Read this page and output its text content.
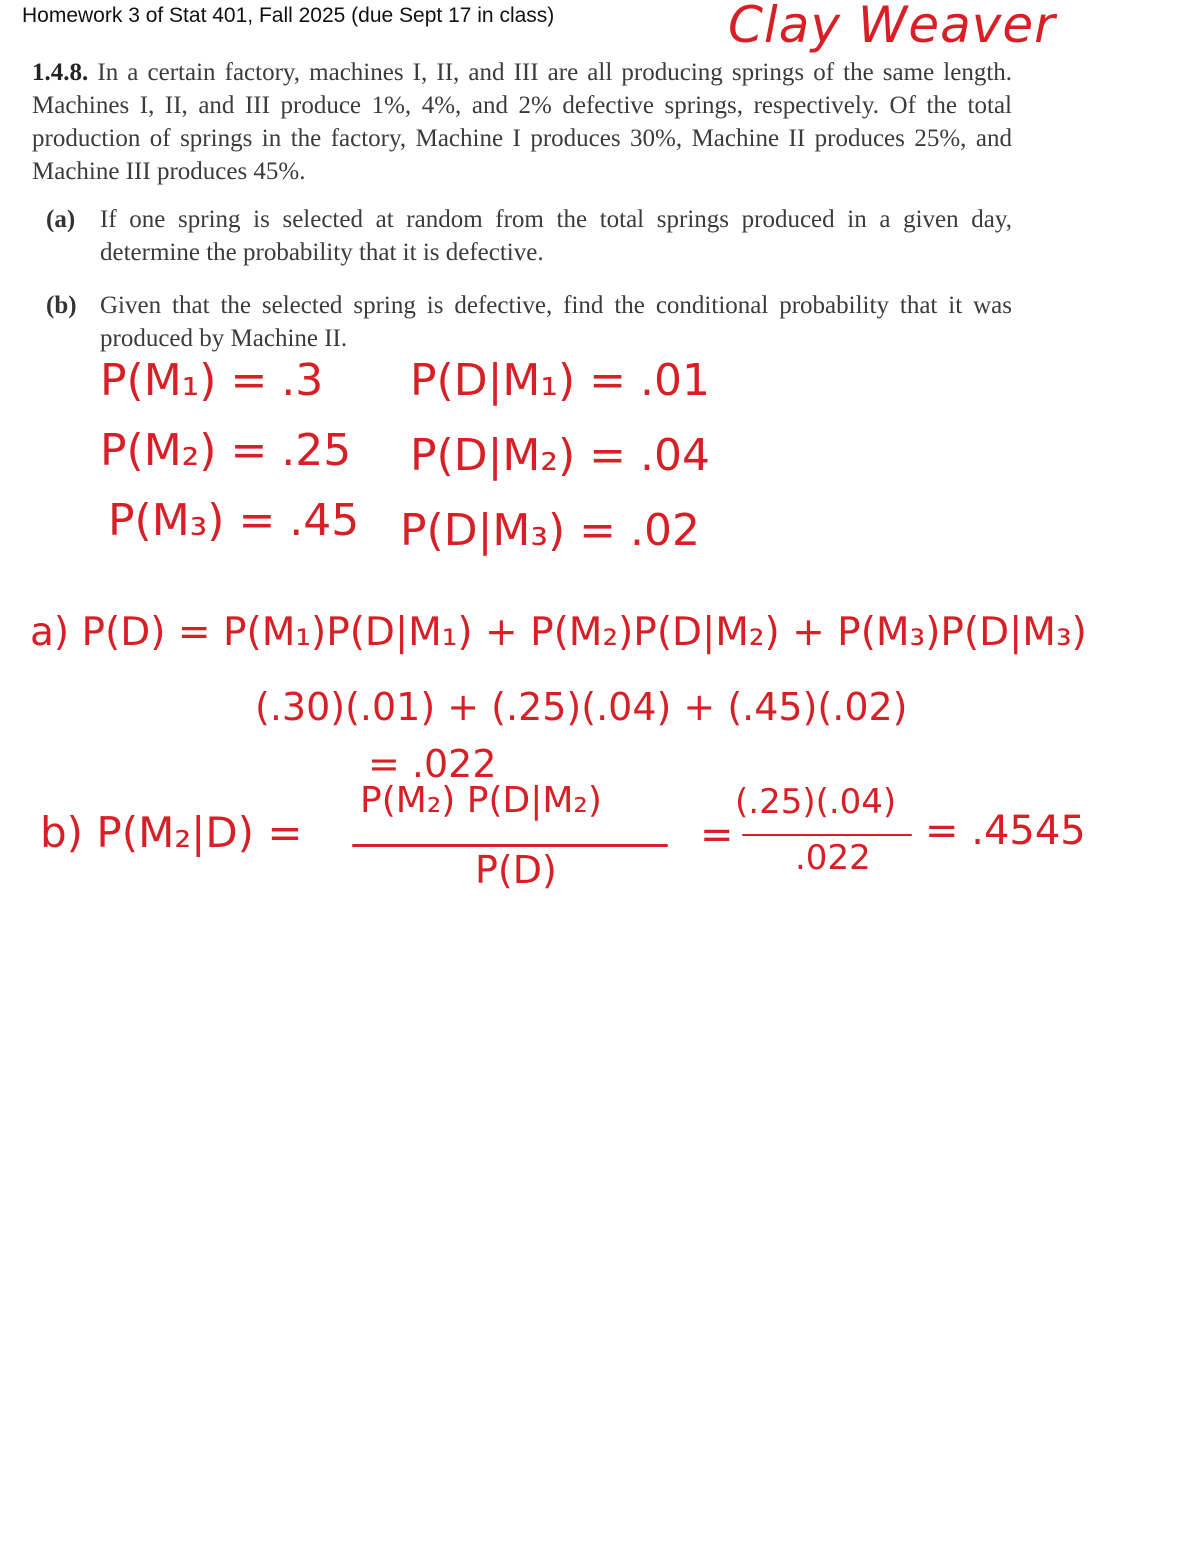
Homework 3 of Stat 401, Fall 2025 (due Sept 17 in class)	Clay Weaver
1.4.8. In a certain factory, machines I, II, and III are all producing springs of the same length. Machines I, II, and III produce 1%, 4%, and 2% defective springs, respectively. Of the total production of springs in the factory, Machine I produces 30%, Machine II produces 25%, and Machine III produces 45%.
(a) If one spring is selected at random from the total springs produced in a given day, determine the probability that it is defective.
(b) Given that the selected spring is defective, find the conditional probability that it was produced by Machine II.
P(M₁) = .3 P(D|M₁) = .01
P(M₂) = .25 P(D|M₂) = .04
P(M₃) = .45 P(D|M₃) = .02
a) P(D) = P(M₁)P(D|M₁) + P(M₂)P(D|M₂) + P(M₃)P(D|M₃)
(.30)(.01) + (.25)(.04) + (.45)(.02)
= .022
b) P(M₂|D) =
P(M₂) P(D|M₂)
P(D)
=
(.25)(.04)
.022
= .4545
